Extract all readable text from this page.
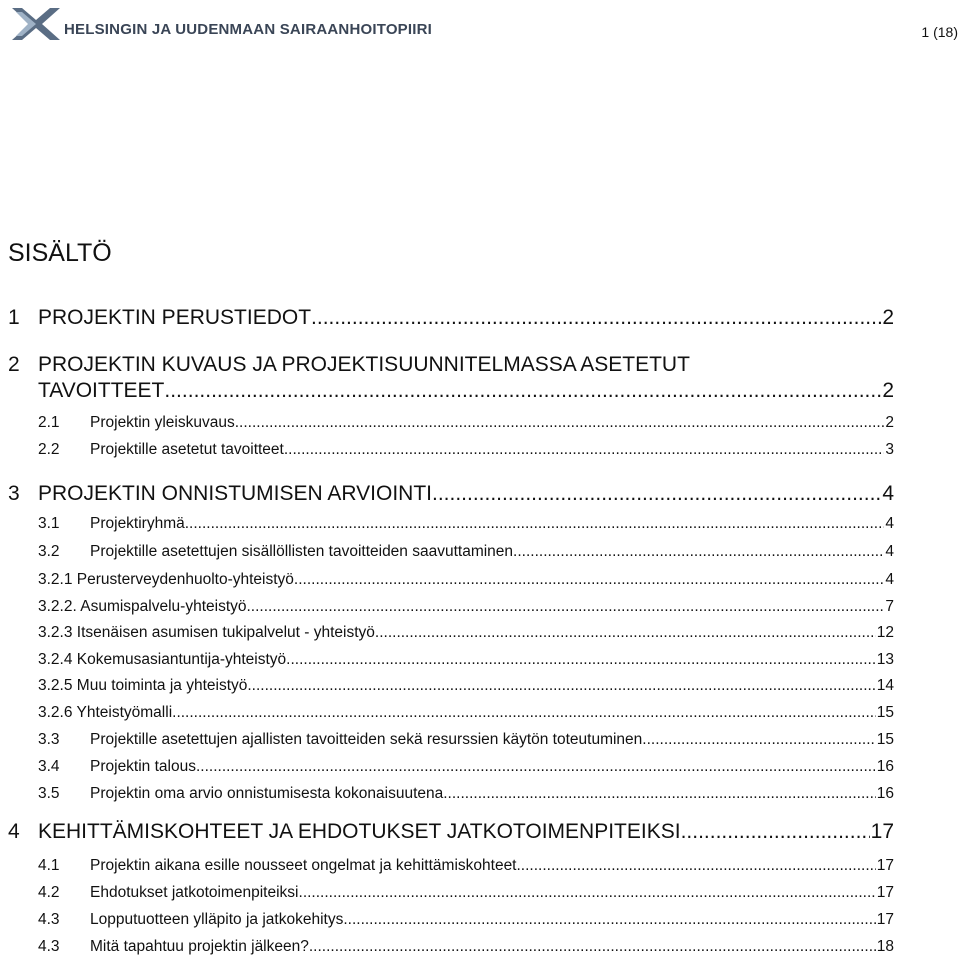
HELSINGIN JA UUDENMAAN SAIRAANHOITOPIIRI	1 (18)
SISÄLTÖ
1 PROJEKTIN PERUSTIEDOT .....	2
2 PROJEKTIN KUVAUS JA PROJEKTISUUNNITELMASSA ASETETUT
TAVOITTEET .....	2
2.1	Projektin yleiskuvaus .....	2
2.2	Projektille asetetut tavoitteet .....	3
3 PROJEKTIN ONNISTUMISEN ARVIOINTI .....	4
3.1	Projektiryhmä .....	4
3.2	Projektille asetettujen sisällöllisten tavoitteiden saavuttaminen .....	4
3.2.1 Perusterveydenhuolto-yhteistyö .....	4
3.2.2. Asumispalvelu-yhteistyö .....	7
3.2.3 Itsenäisen asumisen tukipalvelut - yhteistyö .....	12
3.2.4 Kokemusasiantuntija-yhteistyö .....	13
3.2.5 Muu toiminta ja yhteistyö .....	14
3.2.6 Yhteistyömalli .....	15
3.3	Projektille asetettujen ajallisten tavoitteiden sekä resurssien käytön toteutuminen .....	15
3.4	Projektin talous .....	16
3.5	Projektin oma arvio onnistumisesta kokonaisuutena .....	16
4 KEHITTÄMISKOHTEET JA EHDOTUKSET JATKOTOIMENPITEIKSI .....	17
4.1	Projektin aikana esille nousseet ongelmat ja kehittämiskohteet .....	17
4.2	Ehdotukset jatkotoimenpiteiksi .....	17
4.3	Lopputuotteen ylläpito ja jatkokehitys .....	17
4.3	Mitä tapahtuu projektin jälkeen? .....	18
